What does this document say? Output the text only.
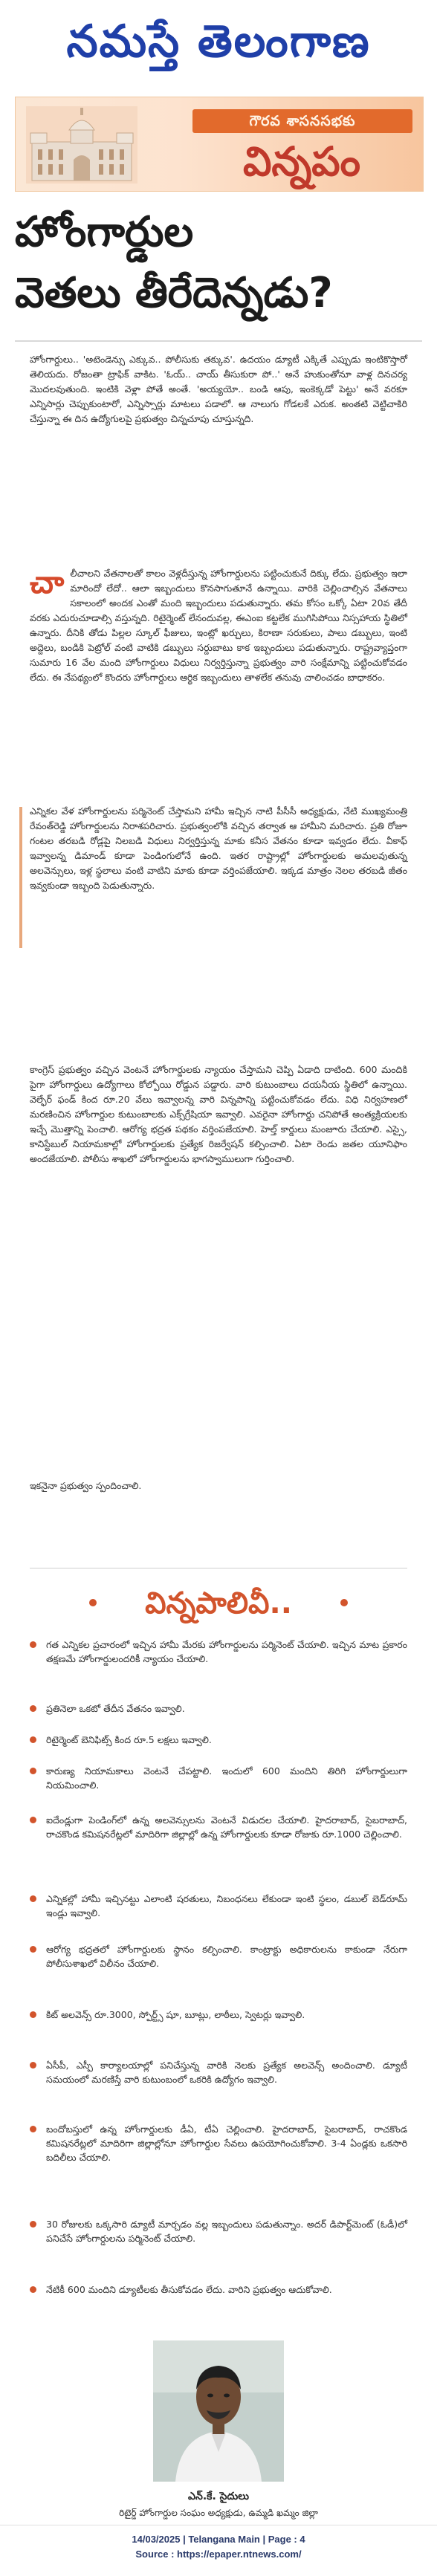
నమస్తే తెలంగాణ
గౌరవ శాసనసభకు
విన్నపం
హోంగార్డుల
వెతలు తీరేదెన్నడు?
హోంగార్డులు.. 'అటెండెన్సు ఎక్కువ.. పోలీసుకు తక్కువ'. ఉదయం డ్యూటీ ఎక్కితే ఎప్పుడు ఇంటికొస్తారో తెలియదు. రోజంతా ట్రాఫిక్ వాకిట. 'ఓయ్.. చాయ్ తీసుకురా పో..' అనే హుకుంతోనూ వాళ్ల దినచర్య మొదలవుతుంది. ఇంటికి వెళ్లా పోతే అంతే. 'అయ్యయో.. బండి ఆపు, ఇంకెక్కడో పెట్టు' అనే వరకూ ఎన్నిసార్లు చెప్పుకుంటారో, ఎన్నిస్సార్లు మాటలు పడాలో. ఆ నాలుగు గోడలకే ఎరుక. అంతటి వెట్టిచాకిరి చేస్తున్నా ఈ దిన ఉద్యోగులపై ప్రభుత్వం చిన్నచూపు చూస్తున్నది.
చాలీచాలని వేతనాలతో కాలం వెళ్లదీస్తున్న హోంగార్డులను పట్టించుకునే దిక్కు లేదు. ప్రభుత్వం ఇలా మారిందో లేదో.. ఆలా ఇబ్బందులు కొనసాగుతూనే ఉన్నాయి. వారికి చెల్లించాల్సిన వేతనాలు సకాలంలో అందక ఎంతో మంది ఇబ్బందులు పడుతున్నారు. తమ కోసం ఒక్కో ఏటా 20వ తేదీ వరకు ఎదురుచూడాల్సి వస్తున్నది. రిటైర్మెంట్ లేనందువల్ల, ఈఎంఐ కట్టలేక ముగిసిపోయి నిస్సహాయ స్థితిలో ఉన్నారు. దీనికి తోడు పిల్లల స్కూల్ ఫీజులు, ఇంట్లో ఖర్చులు, కిరాణా సరుకులు, పాలు డబ్బులు, ఇంటి అద్దెలు, బండికి పెట్రోల్ వంటి వాటికి డబ్బులు సర్దుబాటు కాక ఇబ్బందులు పడుతున్నారు. రాష్ట్రవ్యాప్తంగా సుమారు 16 వేల మంది హోంగార్డులు విధులు నిర్వర్తిస్తున్నా ప్రభుత్వం వారి సంక్షేమాన్ని పట్టించుకోవడం లేదు. ఈ నేపథ్యంలో కొందరు హోంగార్డులు ఆర్థిక ఇబ్బందులు తాళలేక తనువు చాలించడం బాధాకరం.
ఎన్నికల వేళ హోంగార్డులను పర్మినెంట్ చేస్తామని హామీ ఇచ్చిన నాటి పీసీసీ అధ్యక్షుడు, నేటి ముఖ్యమంత్రి రేవంత్‌రెడ్డి హోంగార్డులను నిరాశపరిచారు. ప్రభుత్వంలోకి వచ్చిన తర్వాత ఆ హామీని మరిచారు. ప్రతి రోజూ గంటల తరబడి రోడ్లపై నిలబడి విధులు నిర్వర్తిస్తున్న మాకు కనీస వేతనం కూడా ఇవ్వడం లేదు. వీకాఫ్ ఇవ్వాలన్న డిమాండ్ కూడా పెండింగులోనే ఉంది. ఇతర రాష్ట్రాల్లో హోంగార్డులకు అమలవుతున్న అలవెన్సులు, ఇళ్ల స్థలాలు వంటి వాటిని మాకు కూడా వర్తింపజేయాలి. ఇక్కడ మాత్రం నెలల తరబడి జీతం ఇవ్వకుండా ఇబ్బంది పెడుతున్నారు.
కాంగ్రెస్ ప్రభుత్వం వచ్చిన వెంటనే హోంగార్డులకు న్యాయం చేస్తామని చెప్పి ఏడాది దాటింది. 600 మందికి పైగా హోంగార్డులు ఉద్యోగాలు కోల్పోయి రోడ్డున పడ్డారు. వారి కుటుంబాలు దయనీయ స్థితిలో ఉన్నాయి. వెల్ఫేర్ ఫండ్ కింద రూ.20 వేలు ఇవ్వాలన్న వారి విన్నపాన్ని పట్టించుకోవడం లేదు. విధి నిర్వహణలో మరణించిన హోంగార్డుల కుటుంబాలకు ఎక్స్‌గ్రేషియా ఇవ్వాలి. ఎవరైనా హోంగార్డు చనిపోతే అంత్యక్రియలకు ఇచ్చే మొత్తాన్ని పెంచాలి. ఆరోగ్య భద్రత పథకం వర్తింపజేయాలి. హెల్త్ కార్డులు మంజూరు చేయాలి. ఎస్సై, కానిస్టేబుల్ నియామకాల్లో హోంగార్డులకు ప్రత్యేక రిజర్వేషన్ కల్పించాలి. ఏటా రెండు జతల యూనిఫాం అందజేయాలి. పోలీసు శాఖలో హోంగార్డులను భాగస్వాములుగా గుర్తించాలి.
ఇకనైనా ప్రభుత్వం స్పందించాలి.
విన్నపాలివీ..
గత ఎన్నికల ప్రచారంలో ఇచ్చిన హామీ మేరకు హోంగార్డులను పర్మినెంట్ చేయాలి. ఇచ్చిన మాట ప్రకారం తక్షణమే హోంగార్డులందరికీ న్యాయం చేయాలి.
ప్రతినెలా ఒకటో తేదీన వేతనం ఇవ్వాలి.
రిటైర్మెంట్ బెనిఫిట్స్ కింద రూ.5 లక్షలు ఇవ్వాలి.
కారుణ్య నియామకాలు వెంటనే చేపట్టాలి. ఇందులో 600 మందిని తిరిగి హోంగార్డులుగా నియమించాలి.
ఐదేండ్లుగా పెండింగ్‌లో ఉన్న అలవెన్సులను వెంటనే విడుదల చేయాలి. హైదరాబాద్, సైబరాబాద్, రాచకొండ కమిషనరేట్లలో మాదిరిగా జిల్లాల్లో ఉన్న హోంగార్డులకు కూడా రోజుకు రూ.1000 చెల్లించాలి.
ఎన్నికల్లో హామీ ఇచ్చినట్టు ఎలాంటి షరతులు, నిబంధనలు లేకుండా ఇంటి స్థలం, డబుల్ బెడ్‌రూమ్ ఇండ్లు ఇవ్వాలి.
ఆరోగ్య భద్రతలో హోంగార్డులకు స్థానం కల్పించాలి. కాంట్రాక్టు అధికారులను కాకుండా నేరుగా పోలీసుశాఖలో విలీనం చేయాలి.
కిట్ అలవెన్స్ రూ.3000, స్పోర్ట్స్ షూ, బూట్లు, లాఠీలు, స్వెటర్లు ఇవ్వాలి.
ఏసీపీ, ఎస్పీ కార్యాలయాల్లో పనిచేస్తున్న వారికి నెలకు ప్రత్యేక అలవెన్స్ అందించాలి. డ్యూటీ సమయంలో మరణిస్తే వారి కుటుంబంలో ఒకరికి ఉద్యోగం ఇవ్వాలి.
బందోబస్తులో ఉన్న హోంగార్డులకు డీఏ, టీఏ చెల్లించాలి. హైదరాబాద్, సైబరాబాద్, రాచకొండ కమిషనరేట్లలో మాదిరిగా జిల్లాల్లోనూ హోంగార్డుల సేవలు ఉపయోగించుకోవాలి. 3-4 ఏండ్లకు ఒకసారి బదిలీలు చేయాలి.
30 రోజులకు ఒక్కసారి డ్యూటీ మార్చడం వల్ల ఇబ్బందులు పడుతున్నాం. అదర్ డిపార్ట్‌మెంట్ (ఓడీ)లో పనిచేసే హోంగార్డులను పర్మినెంట్ చేయాలి.
నేటికీ 600 మందిని డ్యూటీలకు తీసుకోవడం లేదు. వారిని ప్రభుత్వం ఆదుకోవాలి.
ఎన్.కే. సైదులు
రిటైర్డ్ హోంగార్డుల సంఘం అధ్యక్షుడు, ఉమ్మడి ఖమ్మం జిల్లా
14/03/2025 | Telangana Main | Page : 4
Source : https://epaper.ntnews.com/
